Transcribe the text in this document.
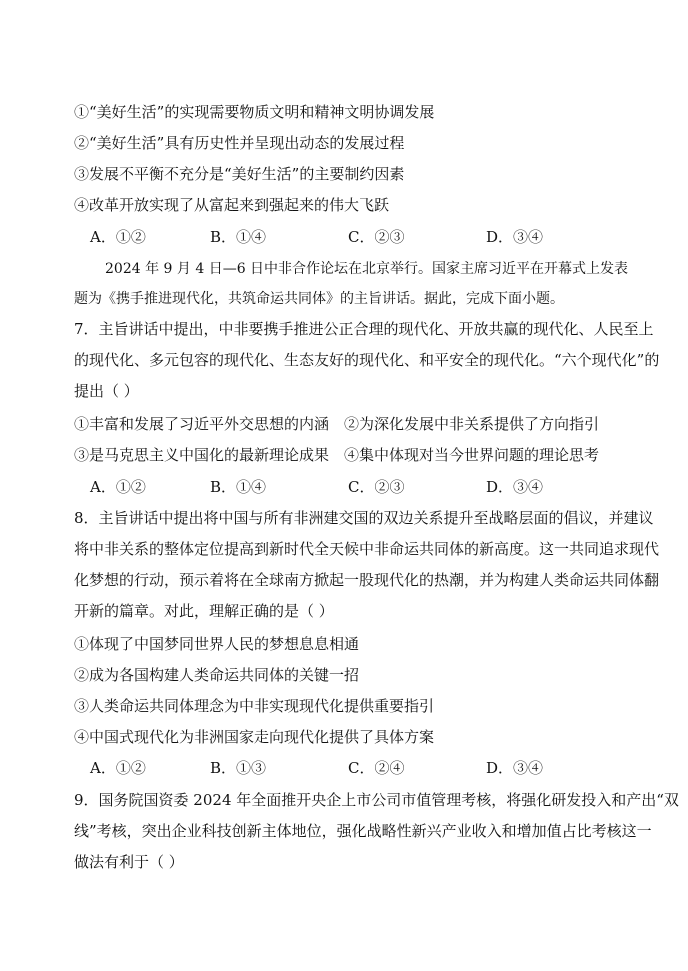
①“美好生活”的实现需要物质文明和精神文明协调发展
②“美好生活”具有历史性并呈现出动态的发展过程
③发展不平衡不充分是“美好生活”的主要制约因素
④改革开放实现了从富起来到强起来的伟大飞跃
A．①②	B．①④	C．②③	D．③④
2024 年 9 月 4 日—6 日中非合作论坛在北京举行。国家主席习近平在开幕式上发表
题为《携手推进现代化，共筑命运共同体》的主旨讲话。据此，完成下面小题。
7．主旨讲话中提出，中非要携手推进公正合理的现代化、开放共赢的现代化、人民至上
的现代化、多元包容的现代化、生态友好的现代化、和平安全的现代化。“六个现代化”的
提出（ ）
①丰富和发展了习近平外交思想的内涵 ②为深化发展中非关系提供了方向指引
③是马克思主义中国化的最新理论成果 ④集中体现对当今世界问题的理论思考
A．①②	B．①④	C．②③	D．③④
8．主旨讲话中提出将中国与所有非洲建交国的双边关系提升至战略层面的倡议，并建议
将中非关系的整体定位提高到新时代全天候中非命运共同体的新高度。这一共同追求现代
化梦想的行动，预示着将在全球南方掀起一股现代化的热潮，并为构建人类命运共同体翻
开新的篇章。对此，理解正确的是（ ）
①体现了中国梦同世界人民的梦想息息相通
②成为各国构建人类命运共同体的关键一招
③人类命运共同体理念为中非实现现代化提供重要指引
④中国式现代化为非洲国家走向现代化提供了具体方案
A．①②	B．①③	C．②④	D．③④
9．国务院国资委 2024 年全面推开央企上市公司市值管理考核，将强化研发投入和产出“双
线”考核，突出企业科技创新主体地位，强化战略性新兴产业收入和增加值占比考核这一
做法有利于（ ）
